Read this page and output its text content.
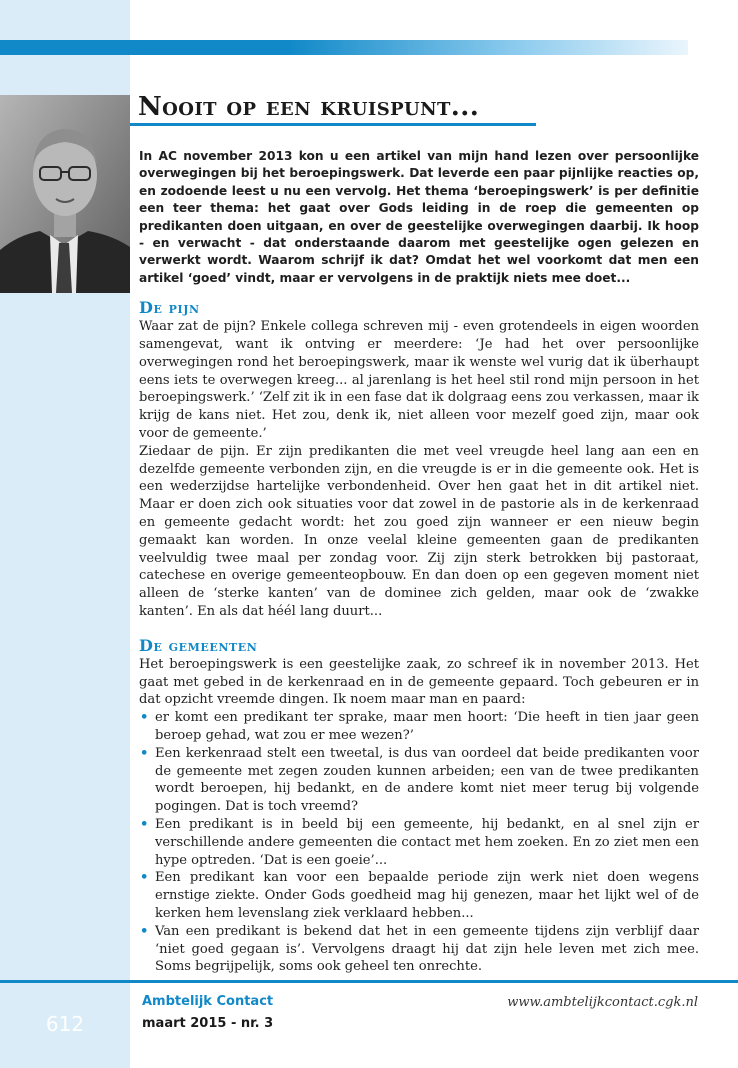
Nooit op een kruispunt...

In AC november 2013 kon u een artikel van mijn hand lezen over persoonlijke overwegingen bij het beroepingswerk. Dat leverde een paar pijnlijke reacties op, en zodoende leest u nu een vervolg. Het thema ‘beroepingswerk’ is per definitie een teer thema: het gaat over Gods leiding in de roep die gemeenten op predikanten doen uitgaan, en over de geestelijke overwegingen daarbij. Ik hoop - en verwacht - dat onderstaande daarom met geestelijke ogen gelezen en verwerkt wordt. Waarom schrijf ik dat? Omdat het wel voorkomt dat men een artikel ‘goed’ vindt, maar er vervolgens in de praktijk niets mee doet...

De pijn

Waar zat de pijn? Enkele collega schreven mij - even grotendeels in eigen woorden samengevat, want ik ontving er meerdere: ‘Je had het over persoonlijke overwegingen rond het beroepingswerk, maar ik wenste wel vurig dat ik überhaupt eens iets te overwegen kreeg... al jarenlang is het heel stil rond mijn persoon in het beroepingswerk.’ ‘Zelf zit ik in een fase dat ik dolgraag eens zou verkassen, maar ik krijg de kans niet. Het zou, denk ik, niet alleen voor mezelf goed zijn, maar ook voor de gemeente.’

Ziedaar de pijn. Er zijn predikanten die met veel vreugde heel lang aan een en dezelfde gemeente verbonden zijn, en die vreugde is er in die gemeente ook. Het is een wederzijdse hartelijke verbondenheid. Over hen gaat het in dit artikel niet. Maar er doen zich ook situaties voor dat zowel in de pastorie als in de kerkenraad en gemeente gedacht wordt: het zou goed zijn wanneer er een nieuw begin gemaakt kan worden. In onze veelal kleine gemeenten gaan de predikanten veelvuldig twee maal per zondag voor. Zij zijn sterk betrokken bij pastoraat, catechese en overige gemeenteopbouw. En dan doen op een gegeven moment niet alleen de ‘sterke kanten’ van de dominee zich gelden, maar ook de ‘zwakke kanten’. En als dat héél lang duurt...

De gemeenten

Het beroepingswerk is een geestelijke zaak, zo schreef ik in november 2013. Het gaat met gebed in de kerkenraad en in de gemeente gepaard. Toch gebeuren er in dat opzicht vreemde dingen. Ik noem maar man en paard:

• er komt een predikant ter sprake, maar men hoort: ‘Die heeft in tien jaar geen beroep gehad, wat zou er mee wezen?’
• Een kerkenraad stelt een tweetal, is dus van oordeel dat beide predikanten voor de gemeente met zegen zouden kunnen arbeiden; een van de twee predikanten wordt beroepen, hij bedankt, en de andere komt niet meer terug bij volgende pogingen. Dat is toch vreemd?
• Een predikant is in beeld bij een gemeente, hij bedankt, en al snel zijn er verschillende andere gemeenten die contact met hem zoeken. En zo ziet men een hype optreden. ‘Dat is een goeie’...
• Een predikant kan voor een bepaalde periode zijn werk niet doen wegens ernstige ziekte. Onder Gods goedheid mag hij genezen, maar het lijkt wel of de kerken hem levenslang ziek verklaard hebben...
• Van een predikant is bekend dat het in een gemeente tijdens zijn verblijf daar ‘niet goed gegaan is’. Vervolgens draagt hij dat zijn hele leven met zich mee. Soms begrijpelijk, soms ook geheel ten onrechte.
612
Ambtelijk Contact
maart 2015 - nr. 3
www.ambtelijkcontact.cgk.nl
